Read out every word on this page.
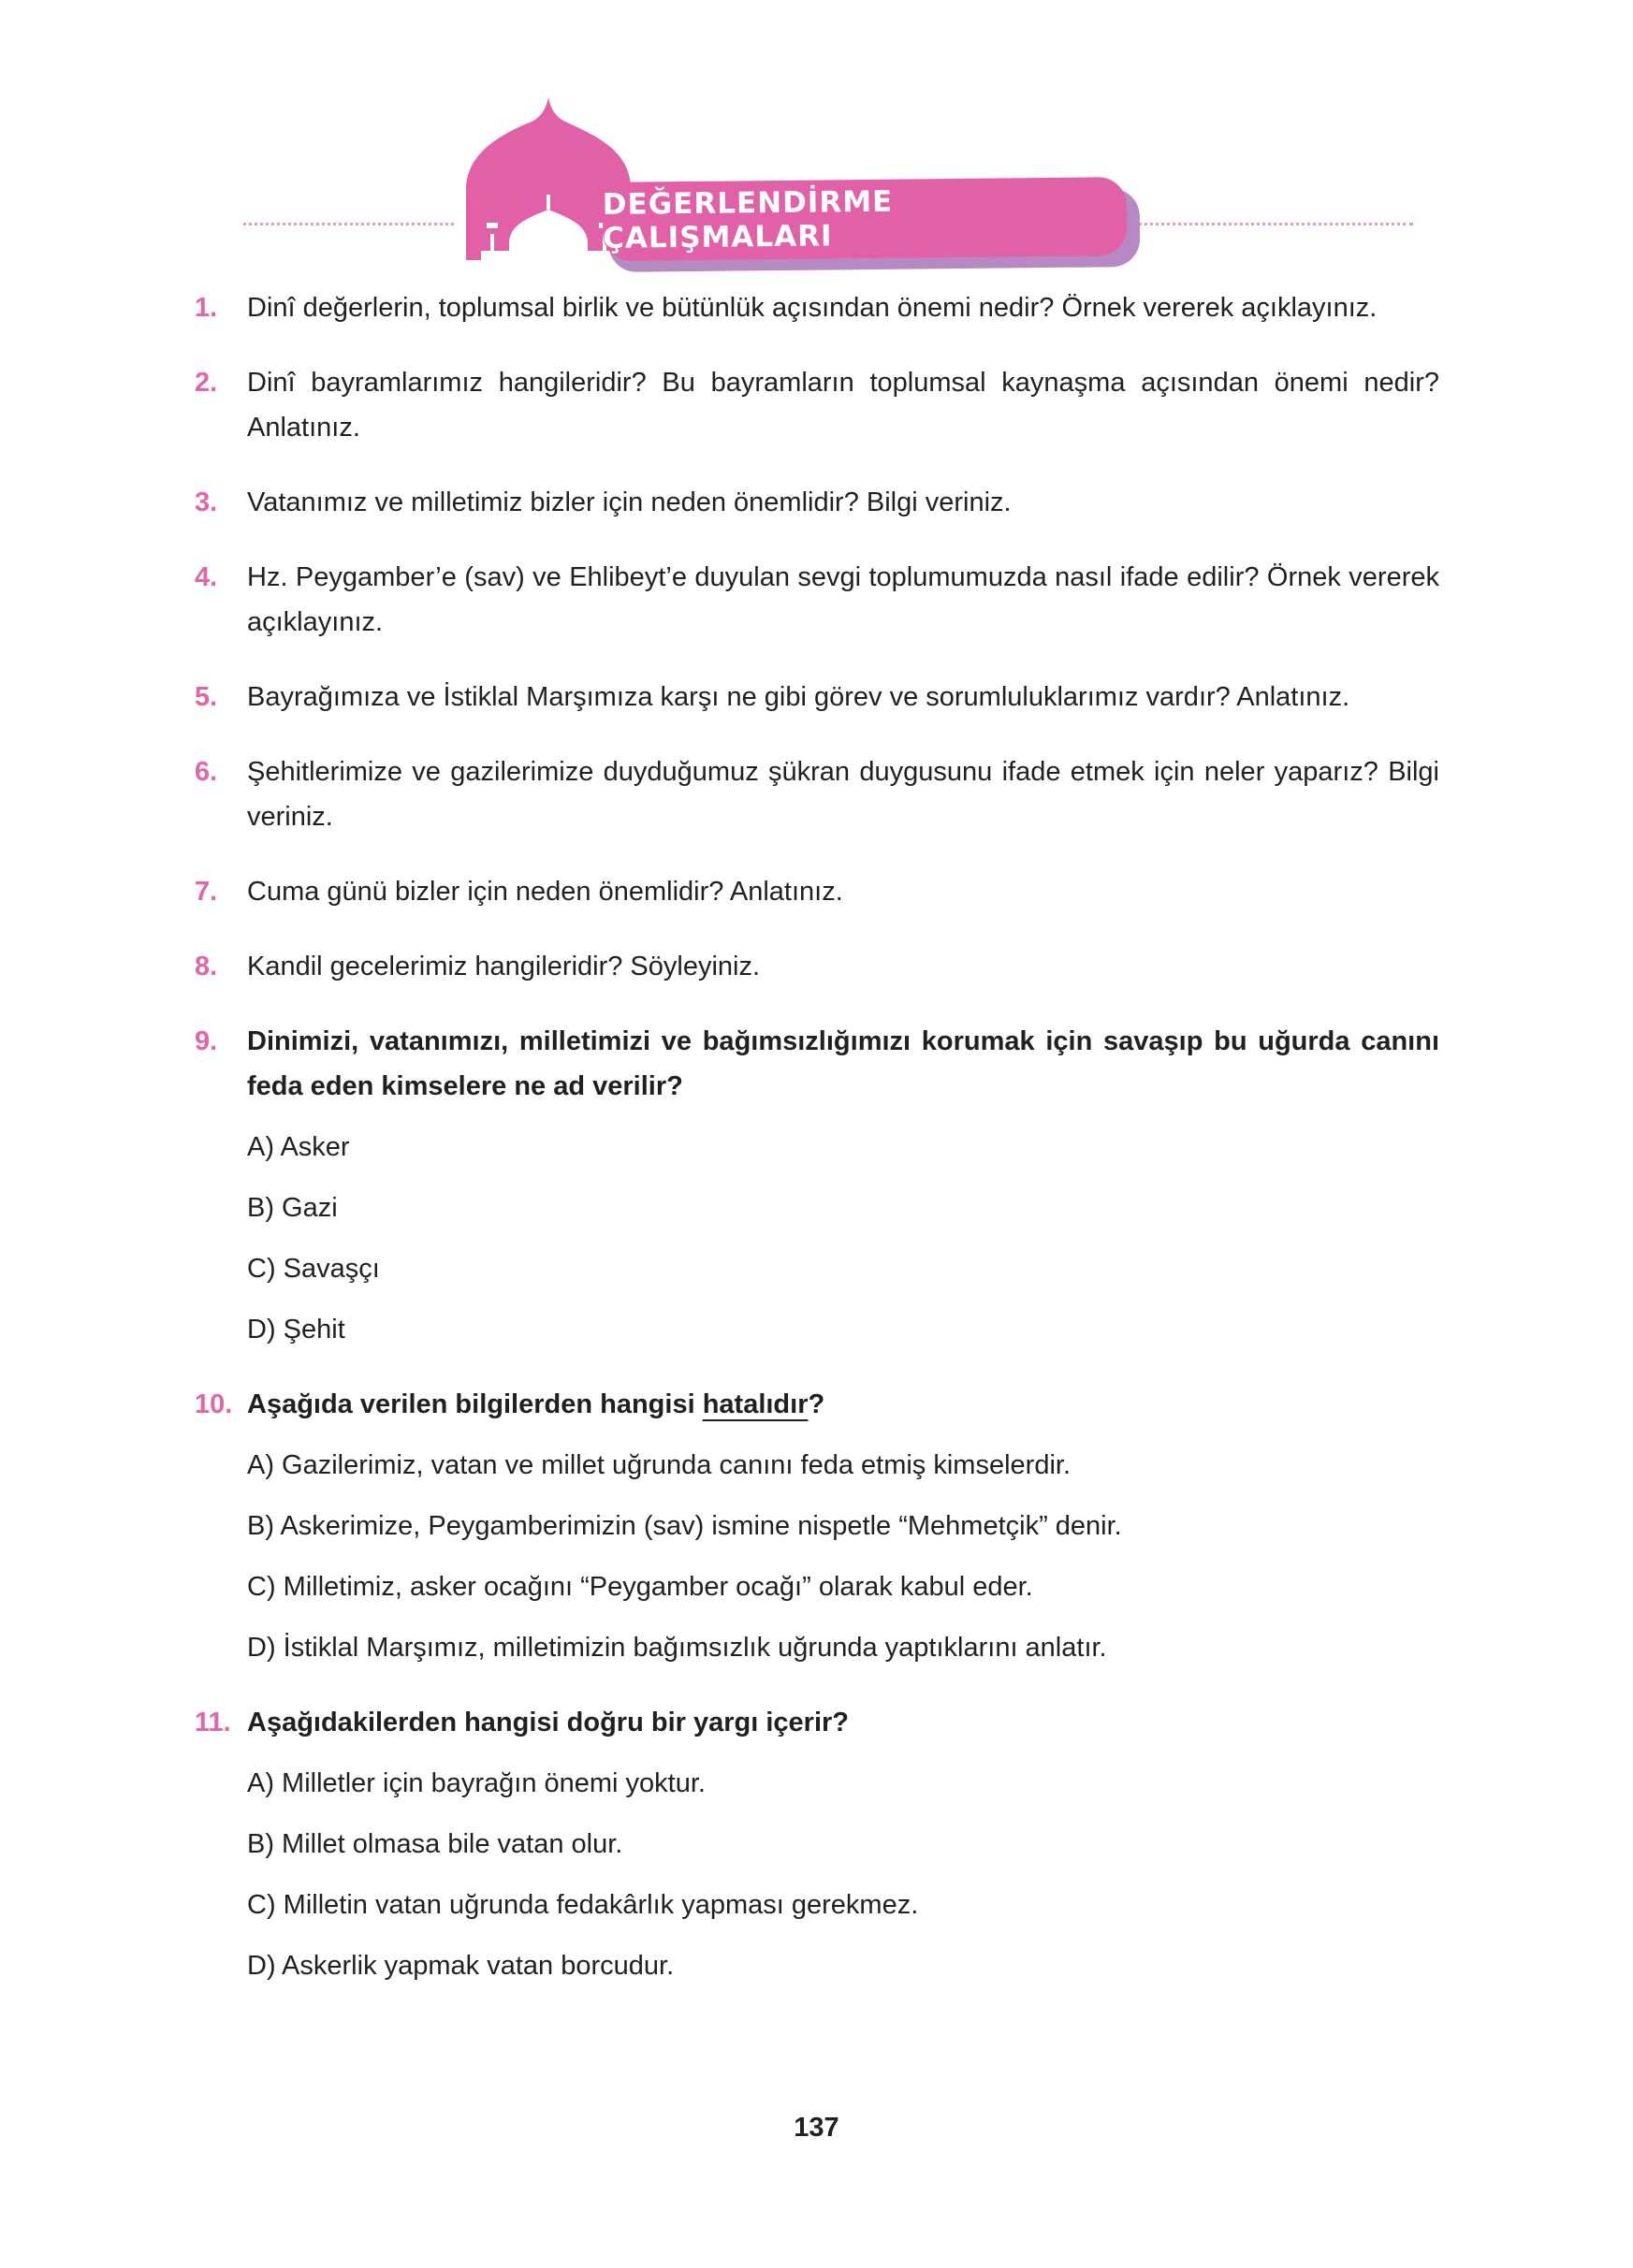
DEĞERLENDİRME ÇALIŞMALARI
1. Dinî değerlerin, toplumsal birlik ve bütünlük açısından önemi nedir? Örnek vererek açıklayınız.
2. Dinî bayramlarımız hangileridir? Bu bayramların toplumsal kaynaşma açısından önemi nedir? Anlatınız.
3. Vatanımız ve milletimiz bizler için neden önemlidir? Bilgi veriniz.
4. Hz. Peygamber’e (sav) ve Ehlibeyt’e duyulan sevgi toplumumuzda nasıl ifade edilir? Örnek vererek açıklayınız.
5. Bayrağımıza ve İstiklal Marşımıza karşı ne gibi görev ve sorumluluklarımız vardır? Anlatınız.
6. Şehitlerimize ve gazilerimize duyduğumuz şükran duygusunu ifade etmek için neler yaparız? Bilgi veriniz.
7. Cuma günü bizler için neden önemlidir? Anlatınız.
8. Kandil gecelerimiz hangileridir? Söyleyiniz.
9. Dinimizi, vatanımızı, milletimizi ve bağımsızlığımızı korumak için savaşıp bu uğurda canını feda eden kimselere ne ad verilir?
A) Asker
B) Gazi
C) Savaşçı
D) Şehit
10. Aşağıda verilen bilgilerden hangisi hatalıdır?
A) Gazilerimiz, vatan ve millet uğrunda canını feda etmiş kimselerdir.
B) Askerimize, Peygamberimizin (sav) ismine nispetle “Mehmetçik” denir.
C) Milletimiz, asker ocağını “Peygamber ocağı” olarak kabul eder.
D) İstiklal Marşımız, milletimizin bağımsızlık uğrunda yaptıklarını anlatır.
11. Aşağıdakilerden hangisi doğru bir yargı içerir?
A) Milletler için bayrağın önemi yoktur.
B) Millet olmasa bile vatan olur.
C) Milletin vatan uğrunda fedakârlık yapması gerekmez.
D) Askerlik yapmak vatan borcudur.
137
